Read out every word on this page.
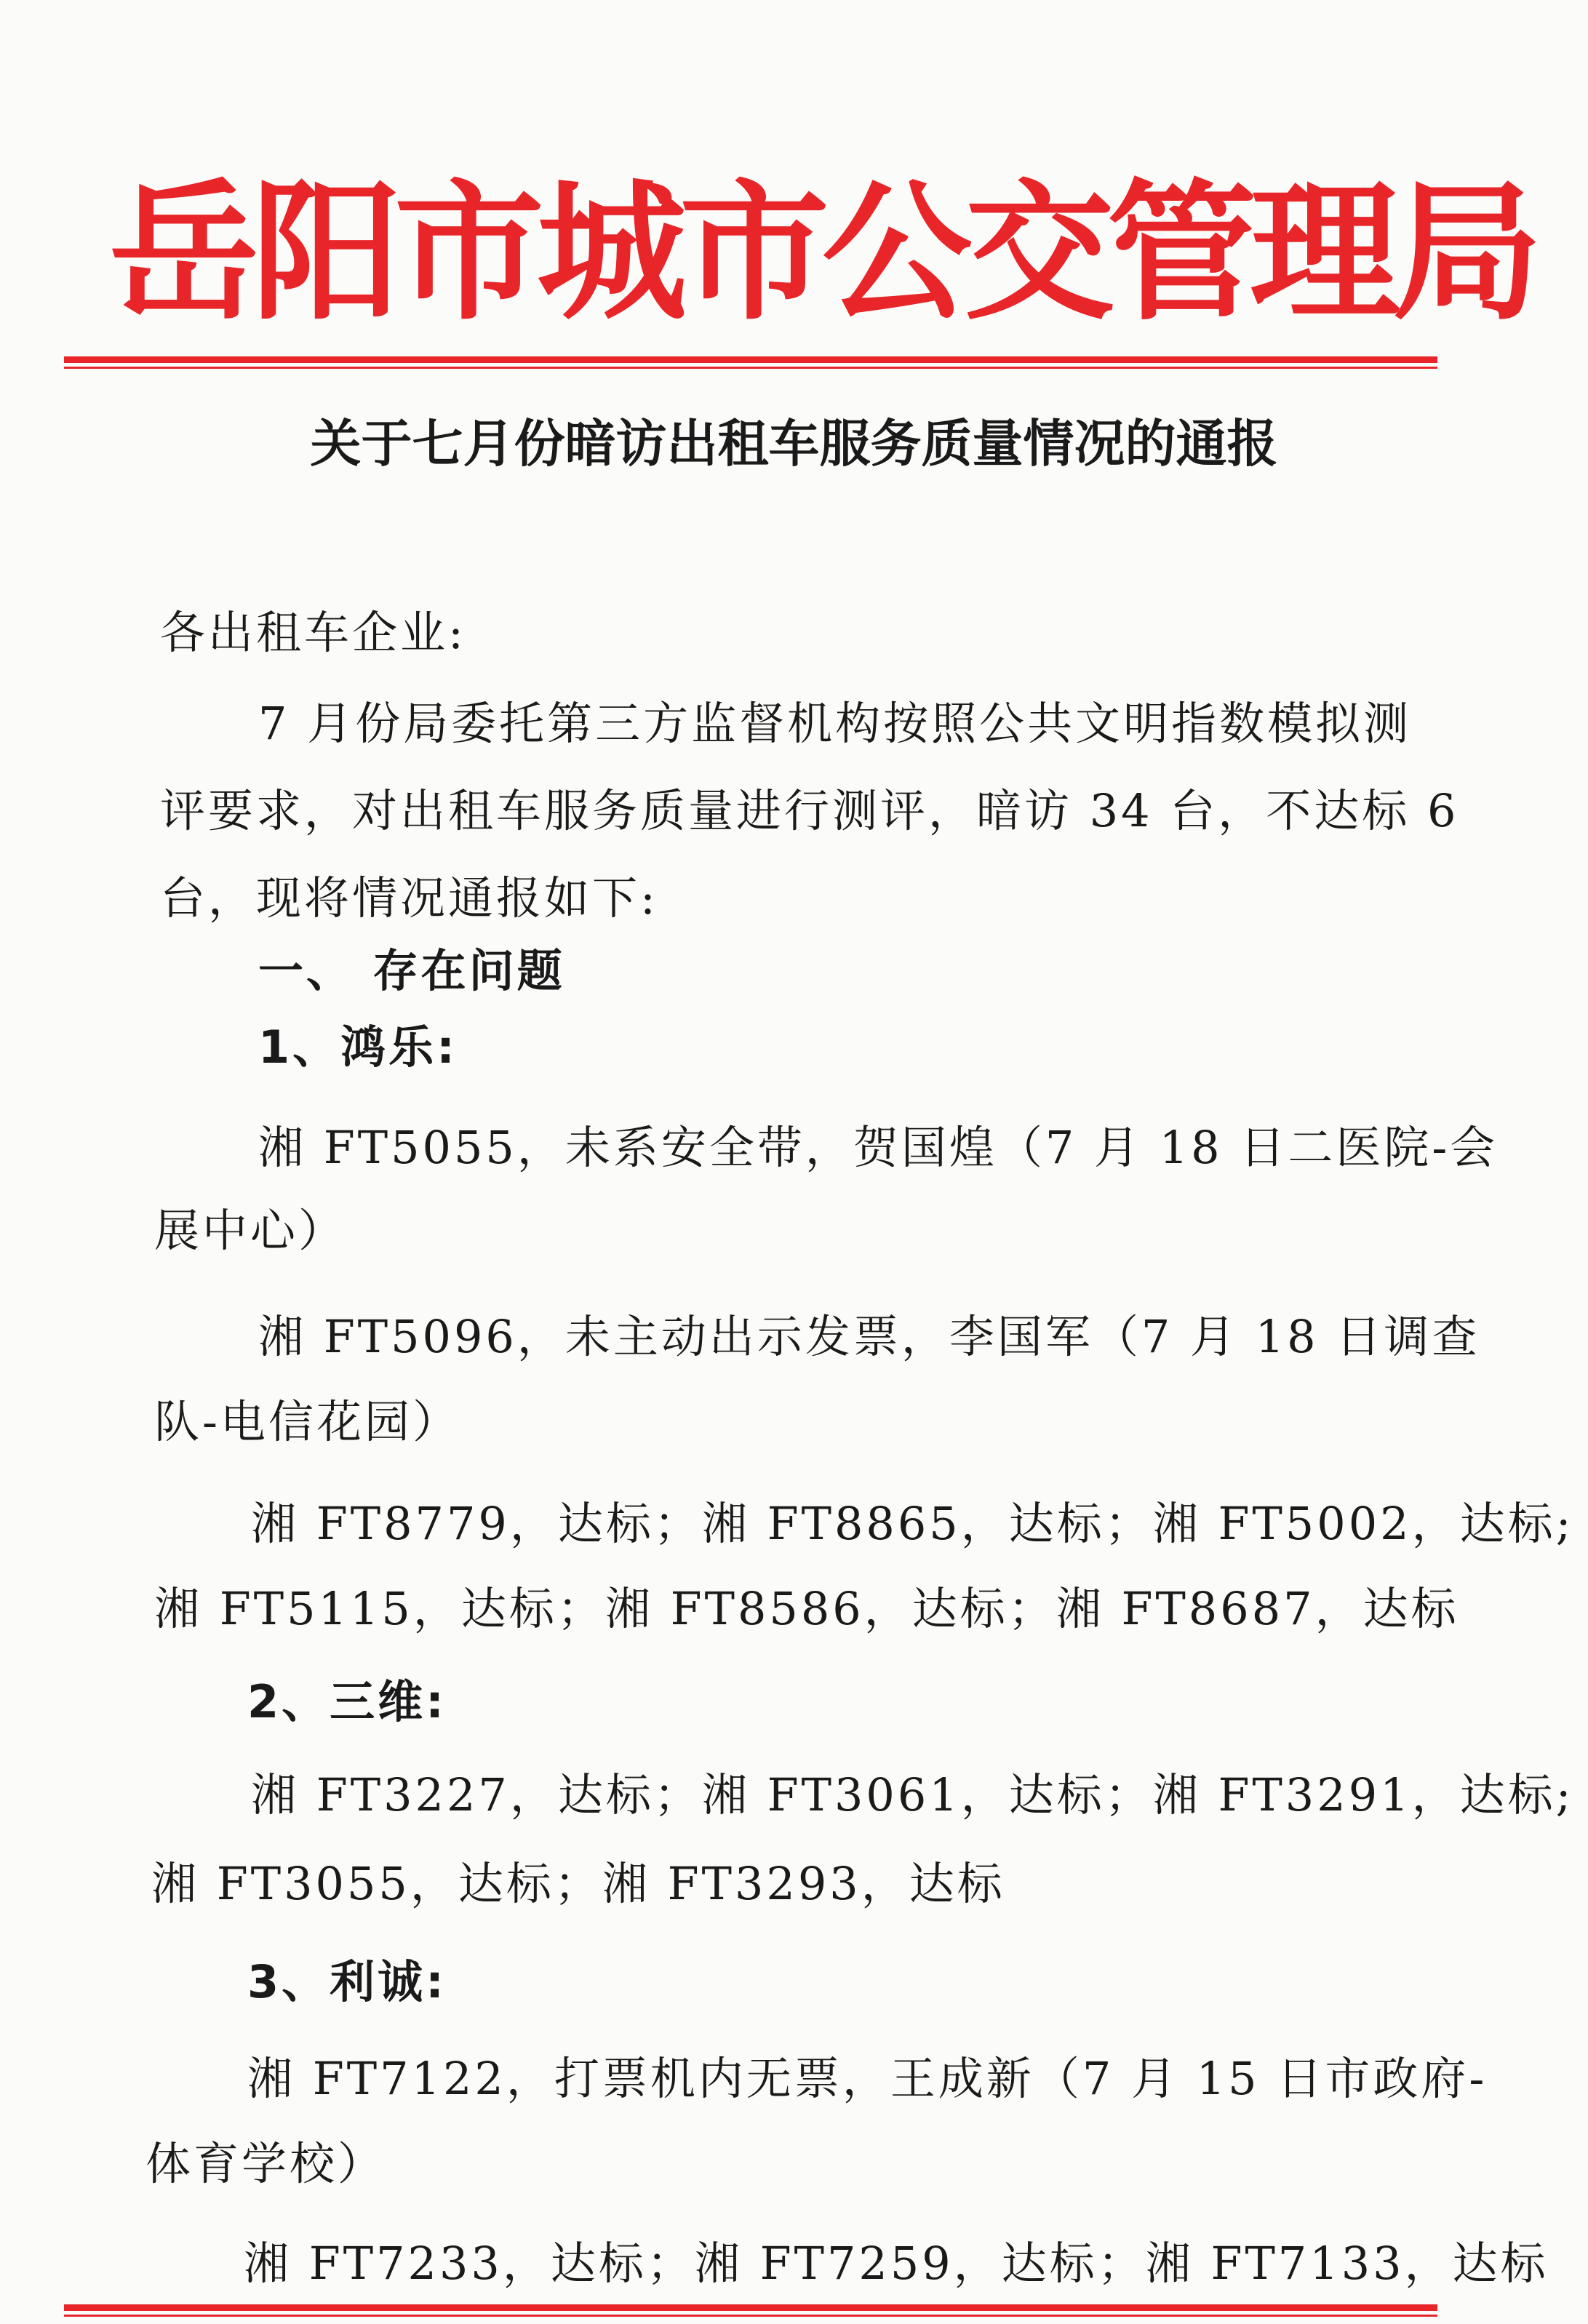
岳阳市城市公交管理局
关于七月份暗访出租车服务质量情况的通报
各出租车企业:
7 月份局委托第三方监督机构按照公共文明指数模拟测
评要求，对出租车服务质量进行测评，暗访 34 台，不达标 6
台，现将情况通报如下:
一、 存在问题
1、鸿乐:
湘 FT5055，未系安全带，贺国煌（7 月 18 日二医院-会
展中心）
湘 FT5096，未主动出示发票，李国军（7 月 18 日调查
队-电信花园）
湘 FT8779，达标；湘 FT8865，达标；湘 FT5002，达标;
湘 FT5115，达标；湘 FT8586，达标；湘 FT8687，达标
2、三维:
湘 FT3227，达标；湘 FT3061，达标；湘 FT3291，达标;
湘 FT3055，达标；湘 FT3293，达标
3、利诚:
湘 FT7122，打票机内无票，王成新（7 月 15 日市政府-
体育学校）
湘 FT7233，达标；湘 FT7259，达标；湘 FT7133，达标
